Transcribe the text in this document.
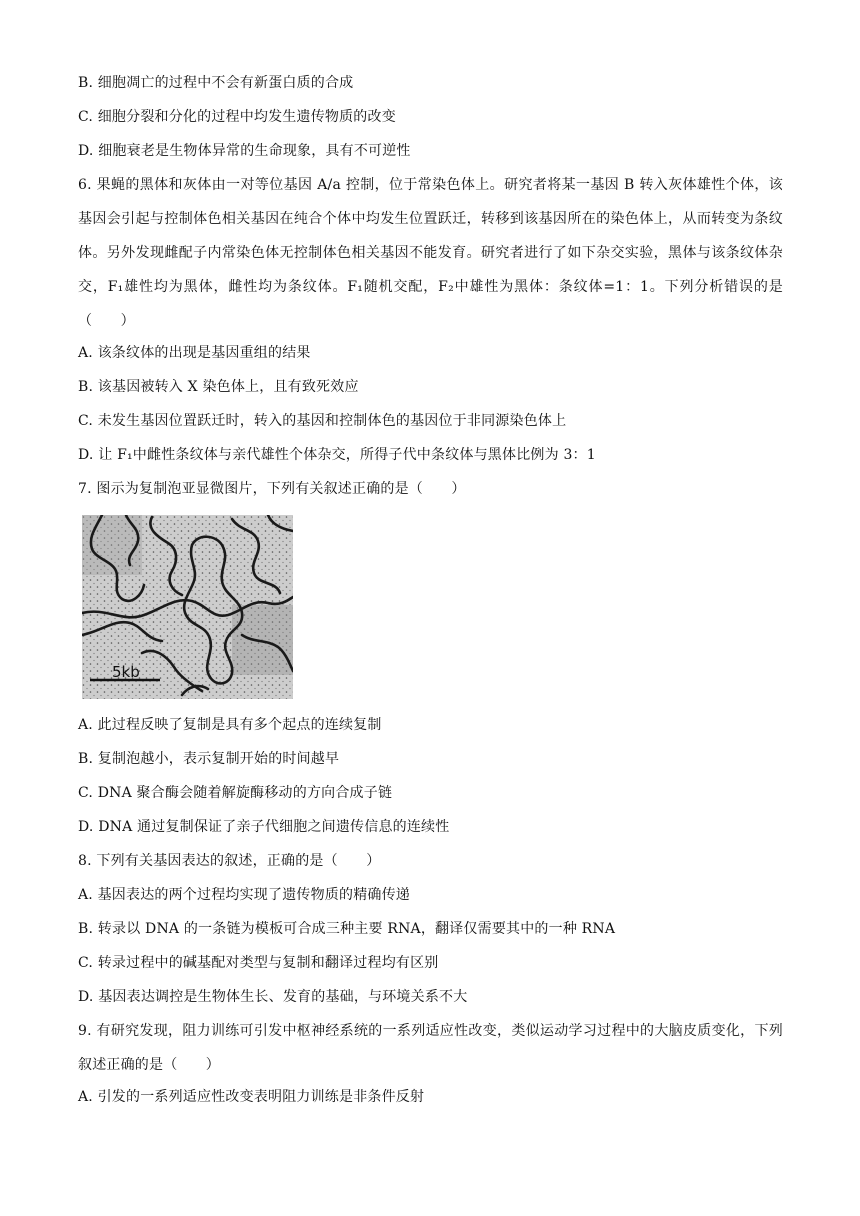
B. 细胞凋亡的过程中不会有新蛋白质的合成
C. 细胞分裂和分化的过程中均发生遗传物质的改变
D. 细胞衰老是生物体异常的生命现象，具有不可逆性
6. 果蝇的黑体和灰体由一对等位基因 A/a 控制，位于常染色体上。研究者将某一基因 B 转入灰体雄性个体，该基因会引起与控制体色相关基因在纯合个体中均发生位置跃迁，转移到该基因所在的染色体上，从而转变为条纹体。另外发现雌配子内常染色体无控制体色相关基因不能发育。研究者进行了如下杂交实验，黑体与该条纹体杂交，F₁雄性均为黑体，雌性均为条纹体。F₁随机交配，F₂中雄性为黑体：条纹体=1：1。下列分析错误的是（　　）
A. 该条纹体的出现是基因重组的结果
B. 该基因被转入 X 染色体上，且有致死效应
C. 未发生基因位置跃迁时，转入的基因和控制体色的基因位于非同源染色体上
D. 让 F₁中雌性条纹体与亲代雄性个体杂交，所得子代中条纹体与黑体比例为 3：1
7. 图示为复制泡亚显微图片，下列有关叙述正确的是（　　）
5kb
A. 此过程反映了复制是具有多个起点的连续复制
B. 复制泡越小，表示复制开始的时间越早
C. DNA 聚合酶会随着解旋酶移动的方向合成子链
D. DNA 通过复制保证了亲子代细胞之间遗传信息的连续性
8. 下列有关基因表达的叙述，正确的是（　　）
A. 基因表达的两个过程均实现了遗传物质的精确传递
B. 转录以 DNA 的一条链为模板可合成三种主要 RNA，翻译仅需要其中的一种 RNA
C. 转录过程中的碱基配对类型与复制和翻译过程均有区别
D. 基因表达调控是生物体生长、发育的基础，与环境关系不大
9. 有研究发现，阻力训练可引发中枢神经系统的一系列适应性改变，类似运动学习过程中的大脑皮质变化，下列叙述正确的是（　　）
A. 引发的一系列适应性改变表明阻力训练是非条件反射
